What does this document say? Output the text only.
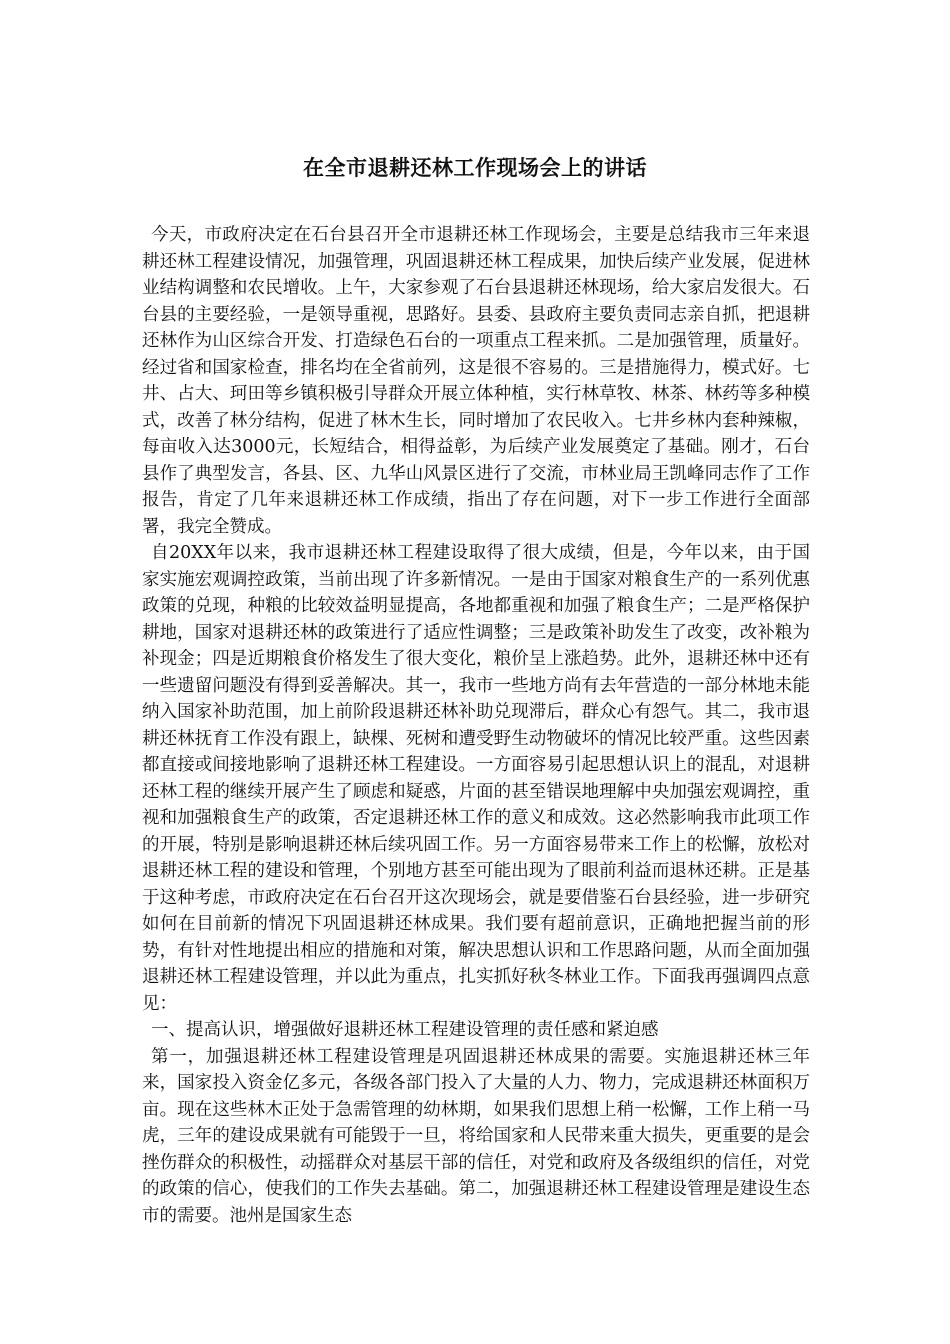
在全市退耕还林工作现场会上的讲话

今天，市政府决定在石台县召开全市退耕还林工作现场会，主要是总结我市三年来退耕还林工程建设情况，加强管理，巩固退耕还林工程成果，加快后续产业发展，促进林业结构调整和农民增收。上午，大家参观了石台县退耕还林现场，给大家启发很大。石台县的主要经验，一是领导重视，思路好。县委、县政府主要负责同志亲自抓，把退耕还林作为山区综合开发、打造绿色石台的一项重点工程来抓。二是加强管理，质量好。经过省和国家检查，排名均在全省前列，这是很不容易的。三是措施得力，模式好。七井、占大、珂田等乡镇积极引导群众开展立体种植，实行林草牧、林茶、林药等多种模式，改善了林分结构，促进了林木生长，同时增加了农民收入。七井乡林内套种辣椒，每亩收入达3000元，长短结合，相得益彰，为后续产业发展奠定了基础。刚才，石台县作了典型发言，各县、区、九华山风景区进行了交流，市林业局王凯峰同志作了工作报告，肯定了几年来退耕还林工作成绩，指出了存在问题，对下一步工作进行全面部署，我完全赞成。

自20XX年以来，我市退耕还林工程建设取得了很大成绩，但是，今年以来，由于国家实施宏观调控政策，当前出现了许多新情况。一是由于国家对粮食生产的一系列优惠政策的兑现，种粮的比较效益明显提高，各地都重视和加强了粮食生产；二是严格保护耕地，国家对退耕还林的政策进行了适应性调整；三是政策补助发生了改变，改补粮为补现金；四是近期粮食价格发生了很大变化，粮价呈上涨趋势。此外，退耕还林中还有一些遗留问题没有得到妥善解决。其一，我市一些地方尚有去年营造的一部分林地未能纳入国家补助范围，加上前阶段退耕还林补助兑现滞后，群众心有怨气。其二，我市退耕还林抚育工作没有跟上，缺棵、死树和遭受野生动物破坏的情况比较严重。这些因素都直接或间接地影响了退耕还林工程建设。一方面容易引起思想认识上的混乱，对退耕还林工程的继续开展产生了顾虑和疑惑，片面的甚至错误地理解中央加强宏观调控，重视和加强粮食生产的政策，否定退耕还林工作的意义和成效。这必然影响我市此项工作的开展，特别是影响退耕还林后续巩固工作。另一方面容易带来工作上的松懈，放松对退耕还林工程的建设和管理，个别地方甚至可能出现为了眼前利益而退林还耕。正是基于这种考虑，市政府决定在石台召开这次现场会，就是要借鉴石台县经验，进一步研究如何在目前新的情况下巩固退耕还林成果。我们要有超前意识，正确地把握当前的形势，有针对性地提出相应的措施和对策，解决思想认识和工作思路问题，从而全面加强退耕还林工程建设管理，并以此为重点，扎实抓好秋冬林业工作。下面我再强调四点意见：

一、提高认识，增强做好退耕还林工程建设管理的责任感和紧迫感

第一，加强退耕还林工程建设管理是巩固退耕还林成果的需要。实施退耕还林三年来，国家投入资金亿多元，各级各部门投入了大量的人力、物力，完成退耕还林面积万亩。现在这些林木正处于急需管理的幼林期，如果我们思想上稍一松懈，工作上稍一马虎，三年的建设成果就有可能毁于一旦，将给国家和人民带来重大损失，更重要的是会挫伤群众的积极性，动摇群众对基层干部的信任，对党和政府及各级组织的信任，对党的政策的信心，使我们的工作失去基础。第二，加强退耕还林工程建设管理是建设生态市的需要。池州是国家生态
